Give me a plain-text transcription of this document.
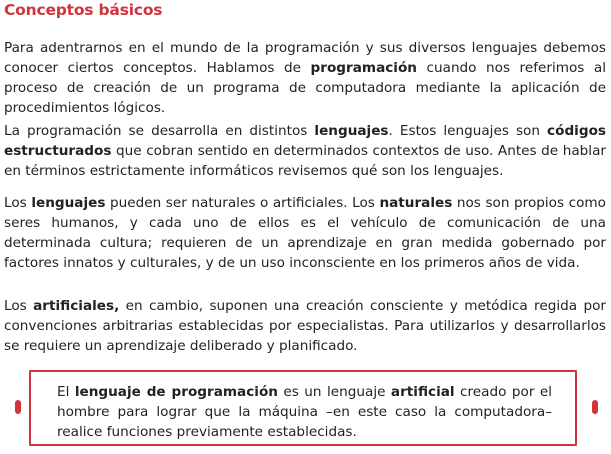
Conceptos básicos

Para adentrarnos en el mundo de la programación y sus diversos lenguajes debemos conocer ciertos conceptos. Hablamos de programación cuando nos referimos al proceso de creación de un programa de computadora mediante la aplicación de procedimientos lógicos.

La programación se desarrolla en distintos lenguajes. Estos lenguajes son códigos estructurados que cobran sentido en determinados contextos de uso. Antes de hablar en términos estrictamente informáticos revisemos qué son los lenguajes.

Los lenguajes pueden ser naturales o artificiales. Los naturales nos son propios como seres humanos, y cada uno de ellos es el vehículo de comunicación de una determinada cultura; requieren de un aprendizaje en gran medida gobernado por factores innatos y culturales, y de un uso inconsciente en los primeros años de vida.

Los artificiales, en cambio, suponen una creación consciente y metódica regida por convenciones arbitrarias establecidas por especialistas. Para utilizarlos y desarrollarlos se requiere un aprendizaje deliberado y planificado.

El lenguaje de programación es un lenguaje artificial creado por el hombre para lograr que la máquina –en este caso la computadora– realice funciones previamente establecidas.
